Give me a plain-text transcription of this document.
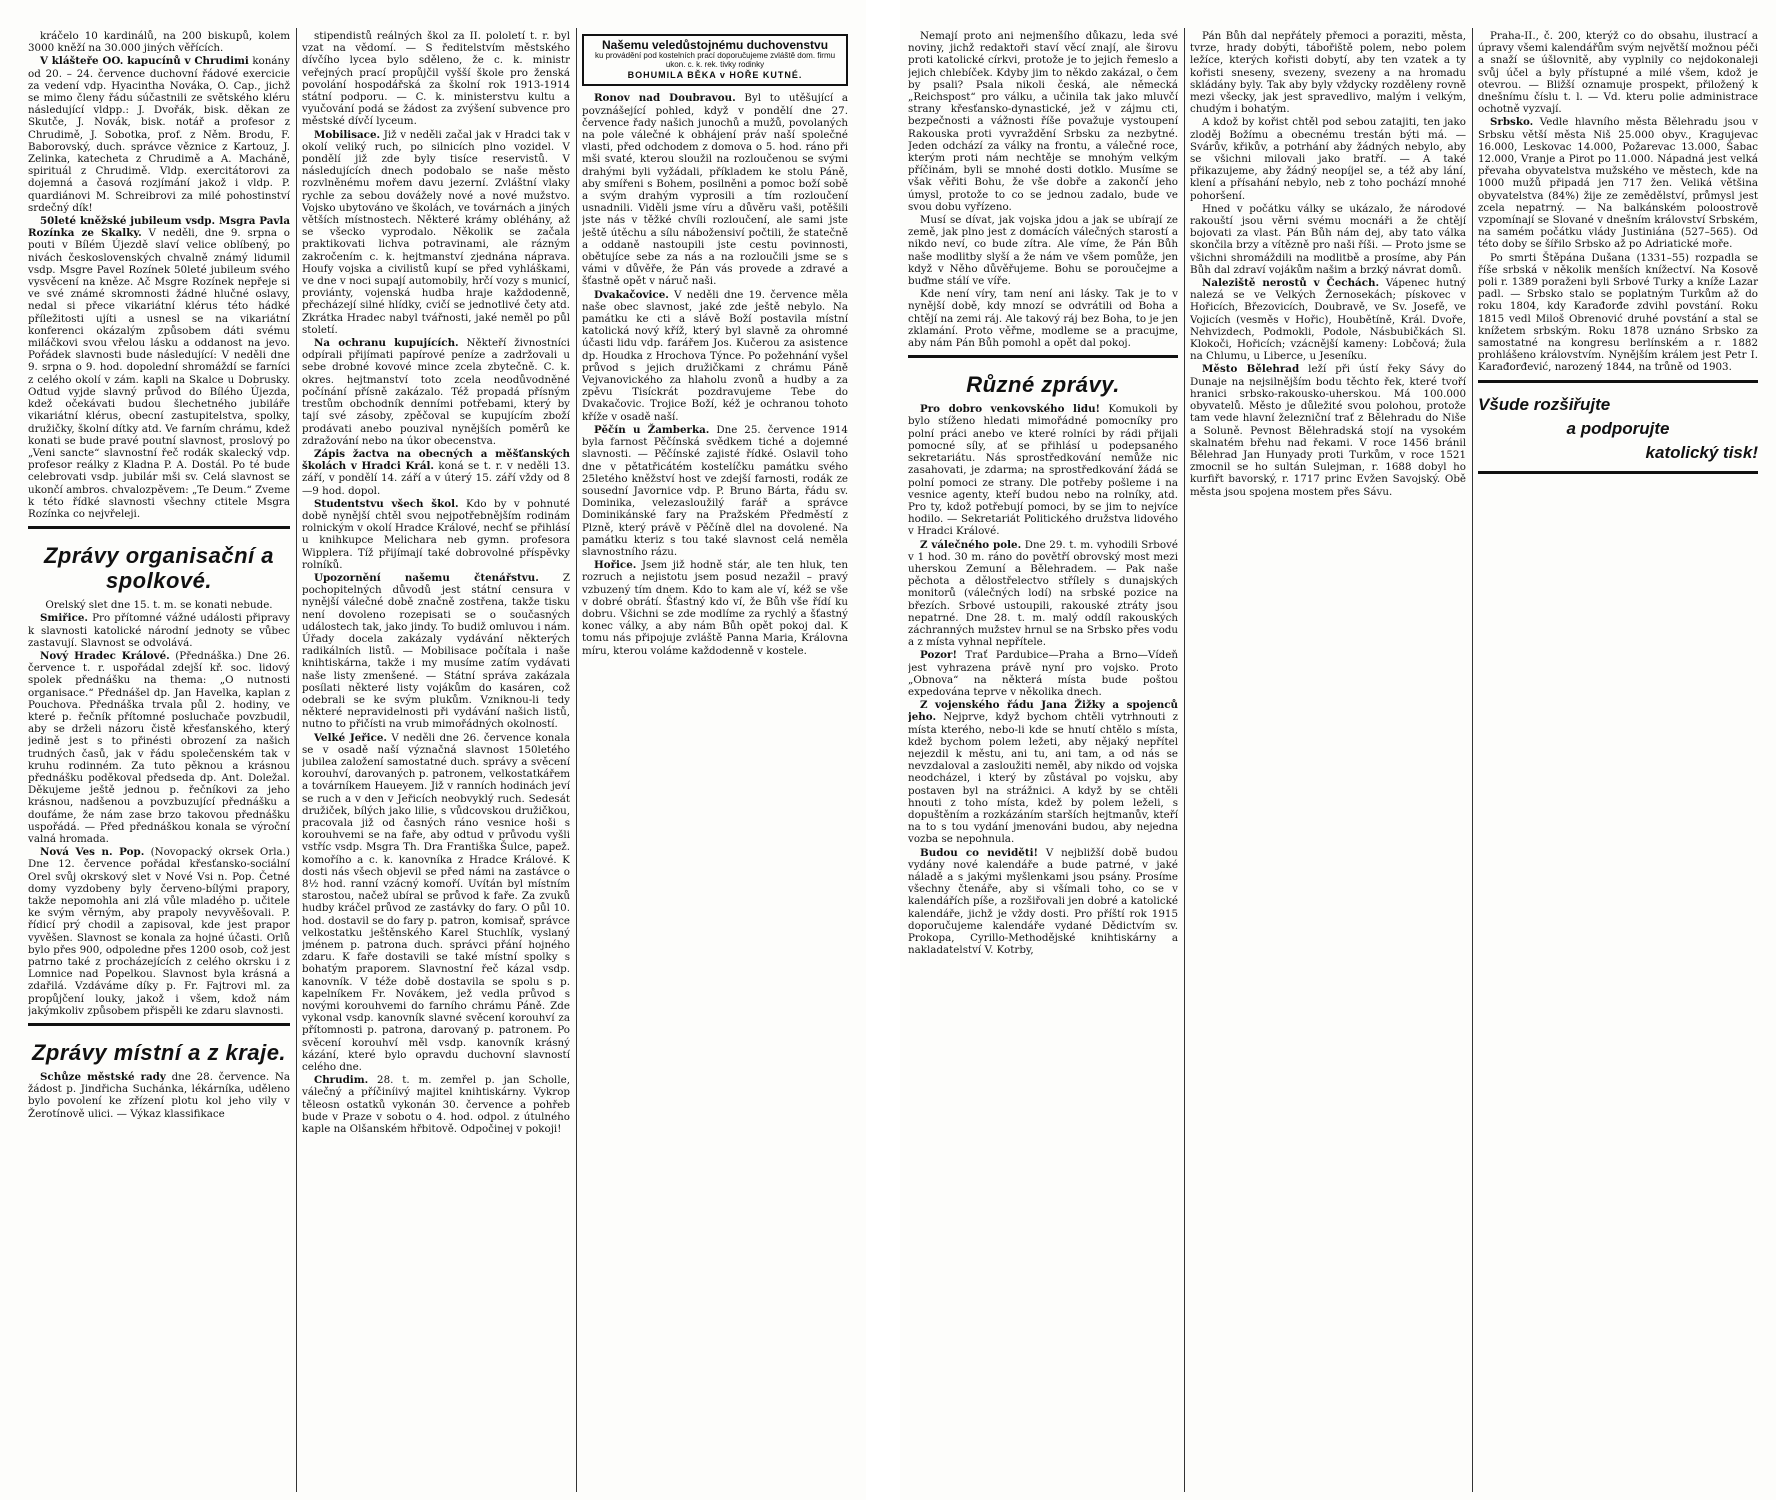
kráčelo 10 kardinálů, na 200 biskupů, kolem 3000 kněží na 30.000 jiných věřících.

V klášteře OO. kapucínů v Chrudimi konány od 20. – 24. července duchovní řádové exercicie za vedení vdp. Hyacintha Nováka, O. Cap., jichž se mimo členy řádu súčastnili ze světského kléru následující vldpp.: J. Dvořák, bisk. děkan ze Skutče, J. Novák, bisk. notář a profesor z Chrudimě, J. Sobotka, prof. z Něm. Brodu, F. Baborovský, duch. správce věznice z Kartouz, J. Zelinka, katecheta z Chrudimě a A. Macháně, spirituál z Chrudimě. Vldp. exercitátorovi za dojemná a časová rozjímání jakož i vldp. P. quardiánovi M. Schreibrovi za milé pohostinství srdečný dík!

50leté kněžské jubileum vsdp. Msgra Pavla Rozínka ze Skalky. V neděli, dne 9. srpna o pouti v Bílém Újezdě slaví velice oblíbený, po nivách československých chvalně známý lidumil vsdp. Msgre Pavel Rozínek 50leté jubileum svého vysvěcení na kněze. Ač Msgre Rozínek nepřeje si ve své známé skromnosti žádné hlučné oslavy, nedal si přece vikariátní klérus této hádké příležitosti ujíti a usnesl se na vikariátní konferenci okázalým způsobem dáti svému miláčkovi svou vřelou lásku a oddanost na jevo. Pořádek slavnosti bude následující: V neděli dne 9. srpna o 9. hod. dopolední shromáždí se farníci z celého okolí v zám. kapli na Skalce u Dobrusky. Odtud vyjde slavný průvod do Bílého Újezda, kdež očekávati budou šlechetného jubiláře vikariátní klérus, obecní zastupitelstva, spolky, družičky, školní dítky atd. Ve farním chrámu, kdež konati se bude pravé poutní slavnost, proslový po „Veni sancte“ slavnostní řeč rodák skalecký vdp. profesor reálky z Kladna P. A. Dostál. Po té bude celebrovati vsdp. jubilár mši sv. Celá slavnost se ukončí ambros. chvalozpěvem: „Te Deum.“ Zveme k této řídké slavnosti všechny ctitele Msgra Rozínka co nejvřeleji.

Zprávy organisační a spolkové.

Orelský slet dne 15. t. m. se konati nebude.

Smiřice. Pro přítomné vážné události připravy k slavnosti katolické národní jednoty se vůbec zastavují. Slavnost se odvolává.

Nový Hradec Králové. (Přednáška.) Dne 26. července t. r. uspořádal zdejší kř. soc. lidový spolek přednášku na thema: „O nutnosti organisace.“ Přednášel dp. Jan Havelka, kaplan z Pouchova. Přednáška trvala půl 2. hodiny, ve které p. řečník přítomné posluchače povzbudil, aby se drželi názoru čistě křesťanského, který jedině jest s to přinésti obrození za našich trudných časů, jak v řádu společenském tak v kruhu rodinném. Za tuto pěknou a krásnou přednášku poděkoval předseda dp. Ant. Doležal. Děkujeme ještě jednou p. řečníkovi za jeho krásnou, nadšenou a povzbuzující přednášku a doufáme, že nám zase brzo takovou přednášku uspořádá. — Před přednáškou konala se výroční valná hromada.

Nová Ves n. Pop. (Novopacký okrsek Orla.) Dne 12. července pořádal křesťansko-sociální Orel svůj okrskový slet v Nové Vsi n. Pop. Četné domy vyzdobeny byly červeno-bílými prapory, takže nepomohla ani zlá vůle mladého p. učitele ke svým věrným, aby prapoly nevyvěšovali. P. řídicí prý chodil a zapisoval, kde jest prapor vyvěšen. Slavnost se konala za hojné účasti. Orlů bylo přes 900, odpoledne přes 1200 osob, což jest patrno také z procházejících z celého okrsku i z Lomnice nad Popelkou. Slavnost byla krásná a zdařilá. Vzdáváme díky p. Fr. Fajtrovi ml. za propůjčení louky, jakož i všem, kdož nám jakýmkoliv způsobem přispěli ke zdaru slavnosti.

Zprávy místní a z kraje.

Schůze městské rady dne 28. července. Na žádost p. Jindřicha Suchánka, lékárníka, uděleno bylo povolení ke zřízení plotu kol jeho vily v Žerotínově ulici. — Výkaz klassifikace

stipendistů reálných škol za II. pololetí t. r. byl vzat na vědomí. — S ředitelstvím městského dívčího lycea bylo sděleno, že c. k. ministr veřejných prací propůjčil vyšší škole pro ženská povolání hospodářská za školní rok 1913-1914 státní podporu. — C. k. ministerstvu kultu a vyučování podá se žádost za zvýšení subvence pro městské dívčí lyceum.

Mobilisace. Již v neděli začal jak v Hradci tak v okolí veliký ruch, po silnicích plno vozidel. V pondělí již zde byly tisíce reservistů. V následujících dnech podobalo se naše město rozvlněnému mořem davu jezerní. Zvláštní vlaky rychle za sebou dovážely nové a nové mužstvo. Vojsko ubytováno ve školách, ve továrnách a jiných větších místnostech. Některé krámy obléhány, až se všecko vyprodalo. Několik se začala praktikovati lichva potravinami, ale rázným zakročením c. k. hejtmanství zjednána náprava. Houfy vojska a civilistů kupí se před vyhláškami, ve dne v noci supají automobily, hrčí vozy s municí, proviánty, vojenská hudba hraje každodenně, přecházejí silné hlídky, cvičí se jednotlivé čety atd. Zkrátka Hradec nabyl tvářnosti, jaké neměl po půl století.

Na ochranu kupujících. Někteří živnostníci odpírali přijímati papírové peníze a zadržovali u sebe drobné kovové mince zcela zbytečně. C. k. okres. hejtmanství toto zcela neodůvodněné počínání přísně zakázalo. Též propadá přísným trestům obchodník denními potřebami, který by tají své zásoby, zpěčoval se kupujícím zboží prodávati anebo pouzival nynějších poměrů ke zdražování nebo na úkor obecenstva.

Zápis žactva na obecných a měšťanských školách v Hradci Král. koná se t. r. v neděli 13. září, v pondělí 14. září a v úterý 15. září vždy od 8—9 hod. dopol.

Studentstvu všech škol. Kdo by v pohnuté době nynější chtěl svou nejpotřebnějším rodinám rolnickým v okolí Hradce Králové, nechť se přihlásí u knihkupce Melichara neb gymn. profesora Wipplera. Tíž přijímají také dobrovolné příspěvky rolníků.

Upozornění našemu čtenářstvu. Z pochopitelných důvodů jest státní censura v nynější válečné době značně zostřena, takže tisku není dovoleno rozepisati se o současných událostech tak, jako jindy. To budiž omluvou i nám. Úřady docela zakázaly vydávání některých radikálních listů. — Mobilisace počítala i naše knihtiskárna, takže i my musíme zatím vydávati naše listy zmenšené. — Státní správa zakázala posílati některé listy vojákům do kasáren, což odebrali se ke svým plukům. Vzniknou-li tedy některé nepravidelnosti při vydávání našich listů, nutno to přičísti na vrub mimořádných okolností.

Velké Jeřice. V neděli dne 26. července konala se v osadě naší význačná slavnost 150letého jubilea založení samostatné duch. správy a svěcení korouhví, darovaných p. patronem, velkostatkářem a továrníkem Haueyem. Již v ranních hodinách jeví se ruch a v den v Jeřicích neobvyklý ruch. Sedesát družiček, bílých jako lilie, s vůdcovskou družičkou, pracovala již od časných ráno vesnice hoši s korouhvemi se na faře, aby odtud v průvodu vyšli vstříc vsdp. Msgra Th. Dra Františka Šulce, papež. komořího a c. k. kanovníka z Hradce Králové. K dosti nás všech objevil se před námi na zastávce o 8½ hod. ranní vzácný komoří. Uvítán byl místním starostou, načež ubíral se průvod k faře. Za zvuků hudby kráčel průvod ze zastávky do fary. O půl 10. hod. dostavil se do fary p. patron, komisař, správce velkostatku ještěnského Karel Stuchlík, vyslaný jménem p. patrona duch. správci přání hojného zdaru. K faře dostavili se také místní spolky s bohatým praporem. Slavnostní řeč kázal vsdp. kanovník. V téže době dostavila se spolu s p. kapelníkem Fr. Novákem, jež vedla průvod s novými korouhvemi do farního chrámu Páně. Zde vykonal vsdp. kanovník slavné svěcení korouhví za přítomnosti p. patrona, darovaný p. patronem. Po svěcení korouhví měl vsdp. kanovník krásný kázání, které bylo opravdu duchovní slavností celého dne.

Chrudim. 28. t. m. zemřel p. jan Scholle, válečný a příčiníivý majitel knihtiskárny. Vykrop těleosn ostatků vykonán 30. července a pohřeb bude v Praze v sobotu o 4. hod. odpol. z útulného kaple na Olšanském hřbitově. Odpočinej v pokoji!

Našemu veledůstojnému duchovenstvu
ku provádění pod kostelních prací doporučujeme zvláště dom. firmu ukon. c. k. rek. tivky rodinky
BOHUMILA BĚKA v HOŘE KUTNÉ.

Ronov nad Doubravou. Byl to utěšující a povznášející pohled, když v pondělí dne 27. července řady našich junochů a mužů, povolaných na pole válečné k obhájení práv naší společné vlasti, před odchodem z domova o 5. hod. ráno při mši svaté, kterou sloužil na rozloučenou se svými drahými byli vyžádali, příkladem ke stolu Páně, aby smířeni s Bohem, posilněni a pomoc boží sobě a svým drahým vyprosili a tím rozloučení usnadnili. Viděli jsme víru a důvěru vaši, potěšili jste nás v těžké chvíli rozloučení, ale sami jste ještě útěchu a sílu nábožensiví počtili, že statečně a oddaně nastoupili jste cestu povinnosti, obětujíce sebe za nás a na rozloučili jsme se s vámi v důvěře, že Pán vás provede a zdravé a šťastně opět v náruč naši.

Dvakačovice. V neděli dne 19. července měla naše obec slavnost, jaké zde ještě nebylo. Na památku ke cti a slávě Boží postavila místní katolická nový kříž, který byl slavně za ohromné účasti lidu vdp. farářem Jos. Kučerou za asistence dp. Houdka z Hrochova Týnce. Po požehnání vyšel průvod s jejich družičkami z chrámu Páně Vejvanovického za hlaholu zvonů a hudby a za zpěvu Tisíckrát pozdravujeme Tebe do Dvakačovic. Trojice Boží, kéž je ochranou tohoto kříže v osadě naší.

Pěčín u Žamberka. Dne 25. července 1914 byla farnost Pěčínská svědkem tiché a dojemné slavnosti. — Pěčínské zajisté řídké. Oslavil toho dne v pětatřicátém kostelíčku památku svého 25letého kněžství host ve zdejší farnosti, rodák ze sousední Javornice vdp. P. Bruno Bárta, řádu sv. Dominika, velezasloužilý farář a správce Dominikánské fary na Pražském Předměstí z Plzně, který právě v Pěčíně dlel na dovolené. Na památku kteriz s tou také slavnost celá neměla slavnostního rázu.

Hořice. Jsem již hodně stár, ale ten hluk, ten rozruch a nejistotu jsem posud nezažil – pravý vzbuzený tím dnem. Kdo to kam ale ví, kéž se vše v dobré obrátí. Šťastný kdo ví, že Bůh vše řídí ku dobru. Všichni se zde modlíme za rychlý a šťastný konec války, a aby nám Bůh opět pokoj dal. K tomu nás připojuje zvláště Panna Maria, Královna míru, kterou voláme každodenně v kostele.

Nemají proto ani nejmenšího důkazu, leda své noviny, jichž redaktoři staví věcí znají, ale širovu proti katolické církvi, protože je to jejich řemeslo a jejich chlebíček. Kdyby jim to někdo zakázal, o čem by psali? Psala nikoli česká, ale německá „Reichspost“ pro válku, a učinila tak jako mluvčí strany křesťansko-dynastické, jež v zájmu cti, bezpečnosti a vážnosti říše považuje vystoupení Rakouska proti vyvraždění Srbsku za nezbytné. Jeden odchází za války na frontu, a válečné roce, kterým proti nám nechtěje se mnohým velkým příčinám, byli se mnohé dosti dotklo. Musíme se však věřiti Bohu, že vše dobře a zakončí jeho úmysl, protože to co se jednou zadalo, bude ve svou dobu vyřízeno.

Musí se dívat, jak vojska jdou a jak se ubírají ze země, jak plno jest z domácích válečných starostí a nikdo neví, co bude zítra. Ale víme, že Pán Bůh naše modlitby slyší a že nám ve všem pomůže, jen když v Něho důvěřujeme. Bohu se poroučejme a buďme stálí ve víře.

Kde není víry, tam není ani lásky. Tak je to v nynější době, kdy mnozí se odvrátili od Boha a chtějí na zemi ráj. Ale takový ráj bez Boha, to je jen zklamání. Proto věřme, modleme se a pracujme, aby nám Pán Bůh pomohl a opět dal pokoj.

Různé zprávy.

Pro dobro venkovského lidu! Komukoli by bylo stíženo hledati mimořádné pomocníky pro polní práci anebo ve které rolníci by rádi přijali pomocné síly, ať se přihlásí u podepsaného sekretariátu. Nás sprostředkování nemůže nic zasahovati, je zdarma; na sprostředkování žádá se polní pomoci ze strany. Dle potřeby pošleme i na vesnice agenty, kteří budou nebo na rolníky, atd. Pro ty, kdož potřebují pomoci, by se jim to nejvíce hodilo. — Sekretariát Politického družstva lidového v Hradci Králové.

Z válečného pole. Dne 29. t. m. vyhodili Srbové v 1 hod. 30 m. ráno do povětří obrovský most mezi uherskou Zemuní a Bělehradem. — Pak naše pěchota a dělostřelectvo střílely s dunajských monitorů (válečných lodí) na srbské pozice na březích. Srbové ustoupili, rakouské ztráty jsou nepatrné. Dne 28. t. m. malý oddíl rakouských záchranných mužstev hrnul se na Srbsko přes vodu a z místa vyhnal nepřítele.

Pozor! Trať Pardubice—Praha a Brno—Vídeň jest vyhrazena právě nyní pro vojsko. Proto „Obnova“ na některá místa bude poštou expedována teprve v několika dnech.

Z vojenského řádu Jana Žižky a spojenců jeho. Nejprve, když bychom chtěli vytrhnouti z místa kterého, nebo-li kde se hnutí chtělo s místa, kdež bychom polem ležeti, aby nějaký nepřítel nejezdil k městu, ani tu, ani tam, a od nás se nevzdaloval a zasloužiti neměl, aby nikdo od vojska neodcházel, i který by zůstával po vojsku, aby postaven byl na strážnici. A když by se chtěli hnouti z toho místa, kdež by polem leželi, s dopuštěním a rozkázáním starších hejtmanův, kteří na to s tou vydání jmenováni budou, aby nejedna vozba se nepohnula.

Budou co neviděti! V nejbližší době budou vydány nové kalendáře a bude patrné, v jaké náladě a s jakými myšlenkami jsou psány. Prosíme všechny čtenáře, aby si všímali toho, co se v kalendářích píše, a rozšiřovali jen dobré a katolické kalendáře, jichž je vždy dosti. Pro příští rok 1915 doporučujeme kalendáře vydané Dědictvím sv. Prokopa, Cyrillo-Methodějské knihtiskárny a nakladatelství V. Kotrby,

Pán Bůh dal nepřátely přemoci a poraziti, města, tvrze, hrady dobýti, tábořiště polem, nebo polem ležíce, kterých kořisti dobytí, aby ten vzatek a ty kořisti sneseny, svezeny, svezeny a na hromadu skládány byly. Tak aby byly vždycky rozděleny rovně mezi všecky, jak jest spravedlivo, malým i velkým, chudým i bohatým.

A kdož by kořist chtěl pod sebou zatajiti, ten jako zloděj Božímu a obecnému trestán býti má. — Svárův, křikův, a potrhání aby žádných nebylo, aby se všichni milovali jako bratří. — A také přikazujeme, aby žádný neopíjel se, a též aby lání, klení a přísahání nebylo, neb z toho pochází mnohé pohoršení.

Hned v počátku války se ukázalo, že národové rakouští jsou věrni svému mocnáři a že chtějí bojovati za vlast. Pán Bůh nám dej, aby tato válka skončila brzy a vítězně pro naši říši. — Proto jsme se všichni shromáždili na modlitbě a prosíme, aby Pán Bůh dal zdraví vojákům našim a brzký návrat domů.

Naleziště nerostů v Čechách. Vápenec hutný nalezá se ve Velkých Žernosekách; pískovec v Hořicích, Březovicích, Doubravě, ve Sv. Josefě, ve Vojicích (vesměs v Hořic), Houbětíně, Král. Dvoře, Nehvizdech, Podmokli, Podole, Násbubičkách Sl. Klokoči, Hořicích; vzácnější kameny: Lobčová; žula na Chlumu, u Liberce, u Jeseníku.

Město Bělehrad leží při ústí řeky Sávy do Dunaje na nejsilnějším bodu těchto řek, které tvoří hranici srbsko-rakousko-uherskou. Má 100.000 obyvatelů. Město je důležité svou polohou, protože tam vede hlavní železniční trať z Bělehradu do Niše a Soluně. Pevnost Bělehradská stojí na vysokém skalnatém břehu nad řekami. V roce 1456 bránil Bělehrad Jan Hunyady proti Turkům, v roce 1521 zmocnil se ho sultán Sulejman, r. 1688 dobyl ho kurfiřt bavorský, r. 1717 princ Evžen Savojský. Obě města jsou spojena mostem přes Sávu.

Praha-II., č. 200, kterýž co do obsahu, ilustrací a úpravy všemi kalendářům svým největší možnou péči a snaží se úšlovnitě, aby vyplnily co nejdokonaleji svůj účel a byly přístupné a milé všem, kdož je otevrou. — Bližší oznamuje prospekt, přiložený k dnešnímu číslu t. l. — Vd. kteru polie administrace ochotně vyzvají.

Srbsko. Vedle hlavního města Bělehradu jsou v Srbsku větší města Niš 25.000 obyv., Kragujevac 16.000, Leskovac 14.000, Požarevac 13.000, Šabac 12.000, Vranje a Pirot po 11.000. Nápadná jest velká převaha obyvatelstva mužského ve městech, kde na 1000 mužů připadá jen 717 žen. Veliká většina obyvatelstva (84%) žije ze zemědělství, průmysl jest zcela nepatrný. — Na balkánském poloostrově vzpomínají se Slované v dnešním království Srbském, na samém počátku vlády Justiniána (527–565). Od této doby se šířilo Srbsko až po Adriatické moře.

Po smrti Štěpána Dušana (1331–55) rozpadla se říše srbská v několik menších knížectví. Na Kosově poli r. 1389 poraženi byli Srbové Turky a kníže Lazar padl. — Srbsko stalo se poplatným Turkům až do roku 1804, kdy Karađorđe zdvihl povstání. Roku 1815 vedl Miloš Obrenović druhé povstání a stal se knížetem srbským. Roku 1878 uznáno Srbsko za samostatné na kongresu berlínském a r. 1882 prohlášeno královstvím. Nynějším králem jest Petr I. Karađorđević, narozený 1844, na trůně od 1903.

Všude rozšiřujte
a podporujte
katolický tisk!
